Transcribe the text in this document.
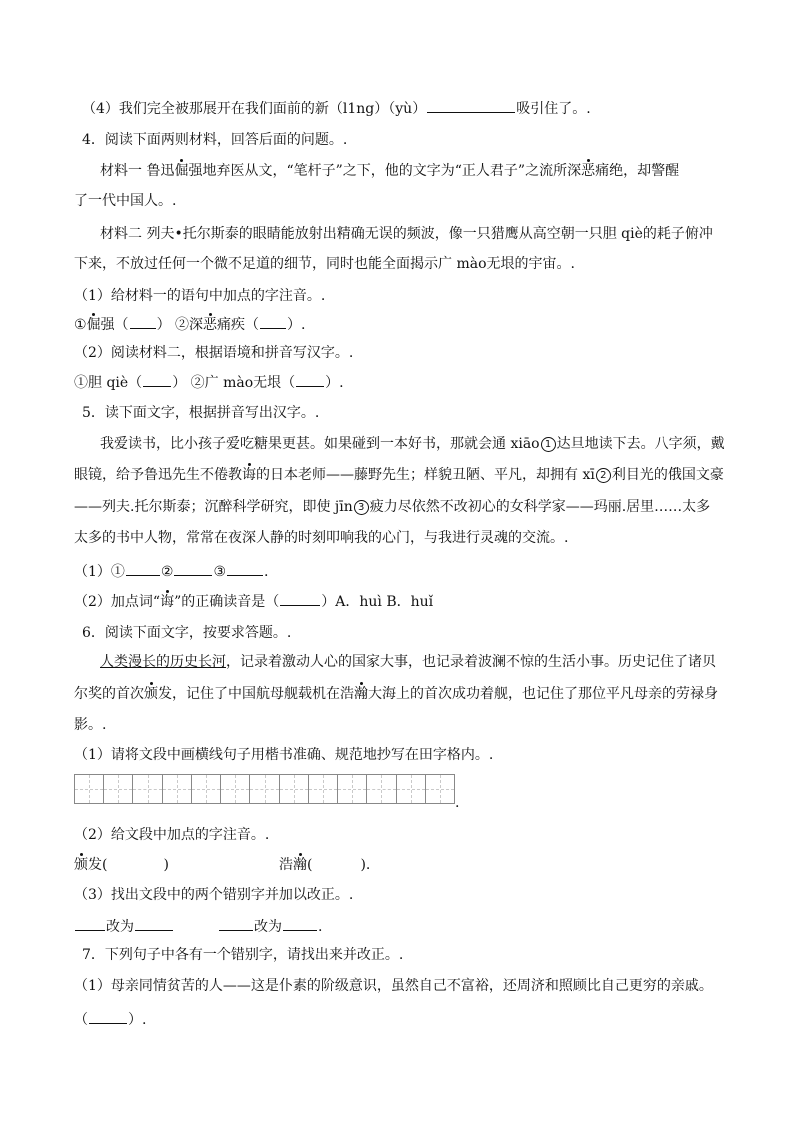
（4）我们完全被那展开在我们面前的新（l1ng）（yù）	吸引住了。.
4．阅读下面两则材料，回答后面的问题。.
材料一 鲁迅倔强地弃医从文，“笔杆子”之下，他的文字为“正人君子”之流所深恶痛绝，却警醒
了一代中国人。.
材料二 列夫•托尔斯泰的眼睛能放射出精确无误的频波，像一只猎鹰从高空朝一只胆 qiè的耗子俯冲
下来，不放过任何一个微不足道的细节，同时也能全面揭示广 mào无垠的宇宙。.
（1）给材料一的语句中加点的字注音。.
①倔强（ ） ②深恶痛疾（ ）.
（2）阅读材料二，根据语境和拼音写汉字。.
①胆 qiè（ ） ②广 mào无垠（ ）.
5．读下面文字，根据拼音写出汉字。.
我爱读书，比小孩子爱吃糖果更甚。如果碰到一本好书，那就会通 xiāo 1 达旦地读下去。八字须，戴
眼镜，给予鲁迅先生不倦教诲的日本老师——藤野先生；样貌丑陋、平凡，却拥有 xī 2 利目光的俄国文豪
——列夫.托尔斯泰；沉醉科学研究，即使 jīn 3 疲力尽依然不改初心的女科学家——玛丽.居里……太多
太多的书中人物，常常在夜深人静的时刻叩响我的心门，与我进行灵魂的交流。.
（1）①	②	③	.
（2）加点词“诲”的正确读音是（	）A．huì B．huǐ
6．阅读下面文字，按要求答题。.
人类漫长的历史长河，记录着激动人心的国家大事，也记录着波澜不惊的生活小事。历史记住了诸贝
尔奖的首次颁发，记住了中国航母舰载机在浩瀚大海上的首次成功着舰，也记住了那位平凡母亲的劳禄身
影。.
（1）请将文段中画横线句子用楷书准确、规范地抄写在田字格内。.
.
（2）给文段中加点的字注音。.
颁发(	)	浩瀚(	).
（3）找出文段中的两个错别字并加以改正。.
改为	改为	.
7．下列句子中各有一个错别字，请找出来并改正。.
（1）母亲同情贫苦的人——这是仆素的阶级意识，虽然自己不富裕，还周济和照顾比自己更穷的亲戚。
（	）.
